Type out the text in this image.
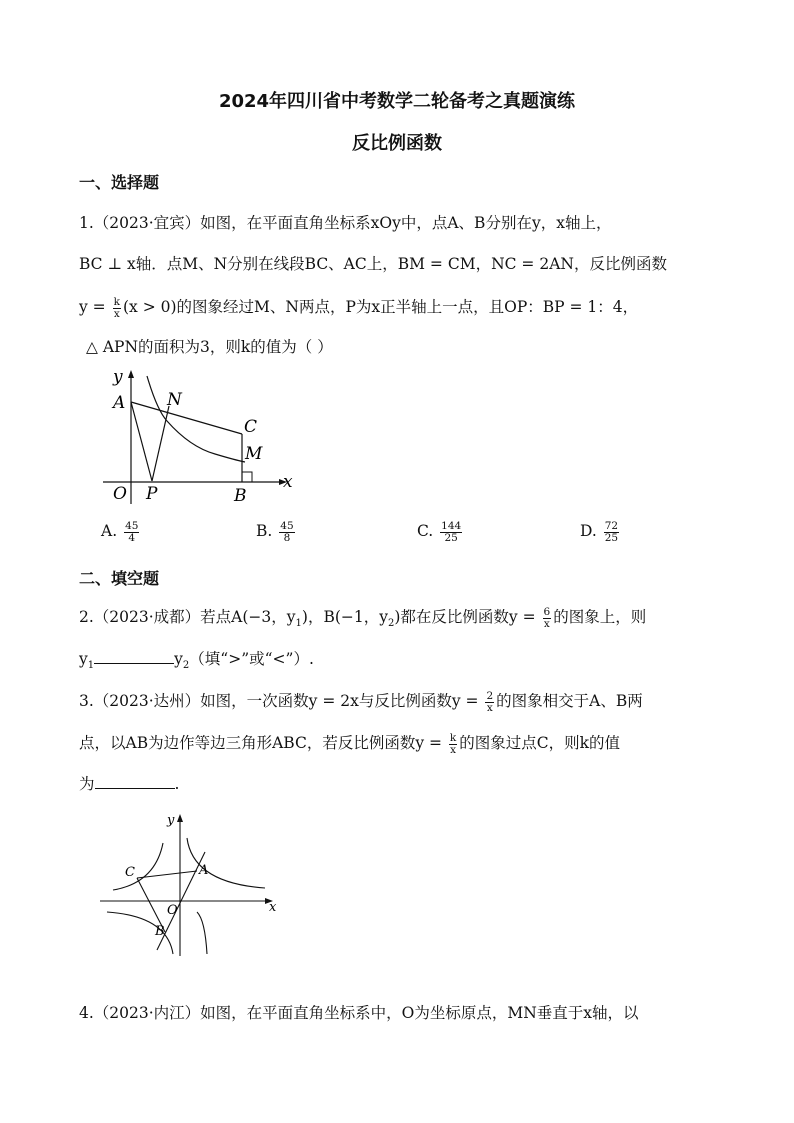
2024年四川省中考数学二轮备考之真题演练
反比例函数
一、选择题
1.（2023·宜宾）如图，在平面直角坐标系xOy中，点A、B分别在y，x轴上，
BC ⊥ x轴．点M、N分别在线段BC、AC上，BM = CM，NC = 2AN，反比例函数
$y = \frac{k}{x} (x > 0)$的图象经过M、N两点，P为x正半轴上一点，且OP：BP = 1：4，
△ APN的面积为3，则k的值为（ ）
y
A N
C
M
x
O P	B
A. $\frac{45}{4}$	B. $\frac{45}{8}$	C. $\frac{144}{25}$	D. $\frac{72}{25}$
二、填空题
2.（2023·成都）若点A(−3，$y_1$)，B(−1，$y_2$)都在反比例函数$y = \frac{6}{x}$ 的图象上，则
$y_1$	$y_2$（填“>”或“<”）.
3.（2023·达州）如图，一次函数y = 2x与反比例函数$y = \frac{2}{x}$ 的图象相交于A、B两
点，以AB为边作等边三角形ABC，若反比例函数$y = \frac{k}{x}$ 的图象过点C，则k的值
为	.
y
C	A
O	x
B
4.（2023·内江）如图，在平面直角坐标系中，O为坐标原点，MN垂直于x轴，以
